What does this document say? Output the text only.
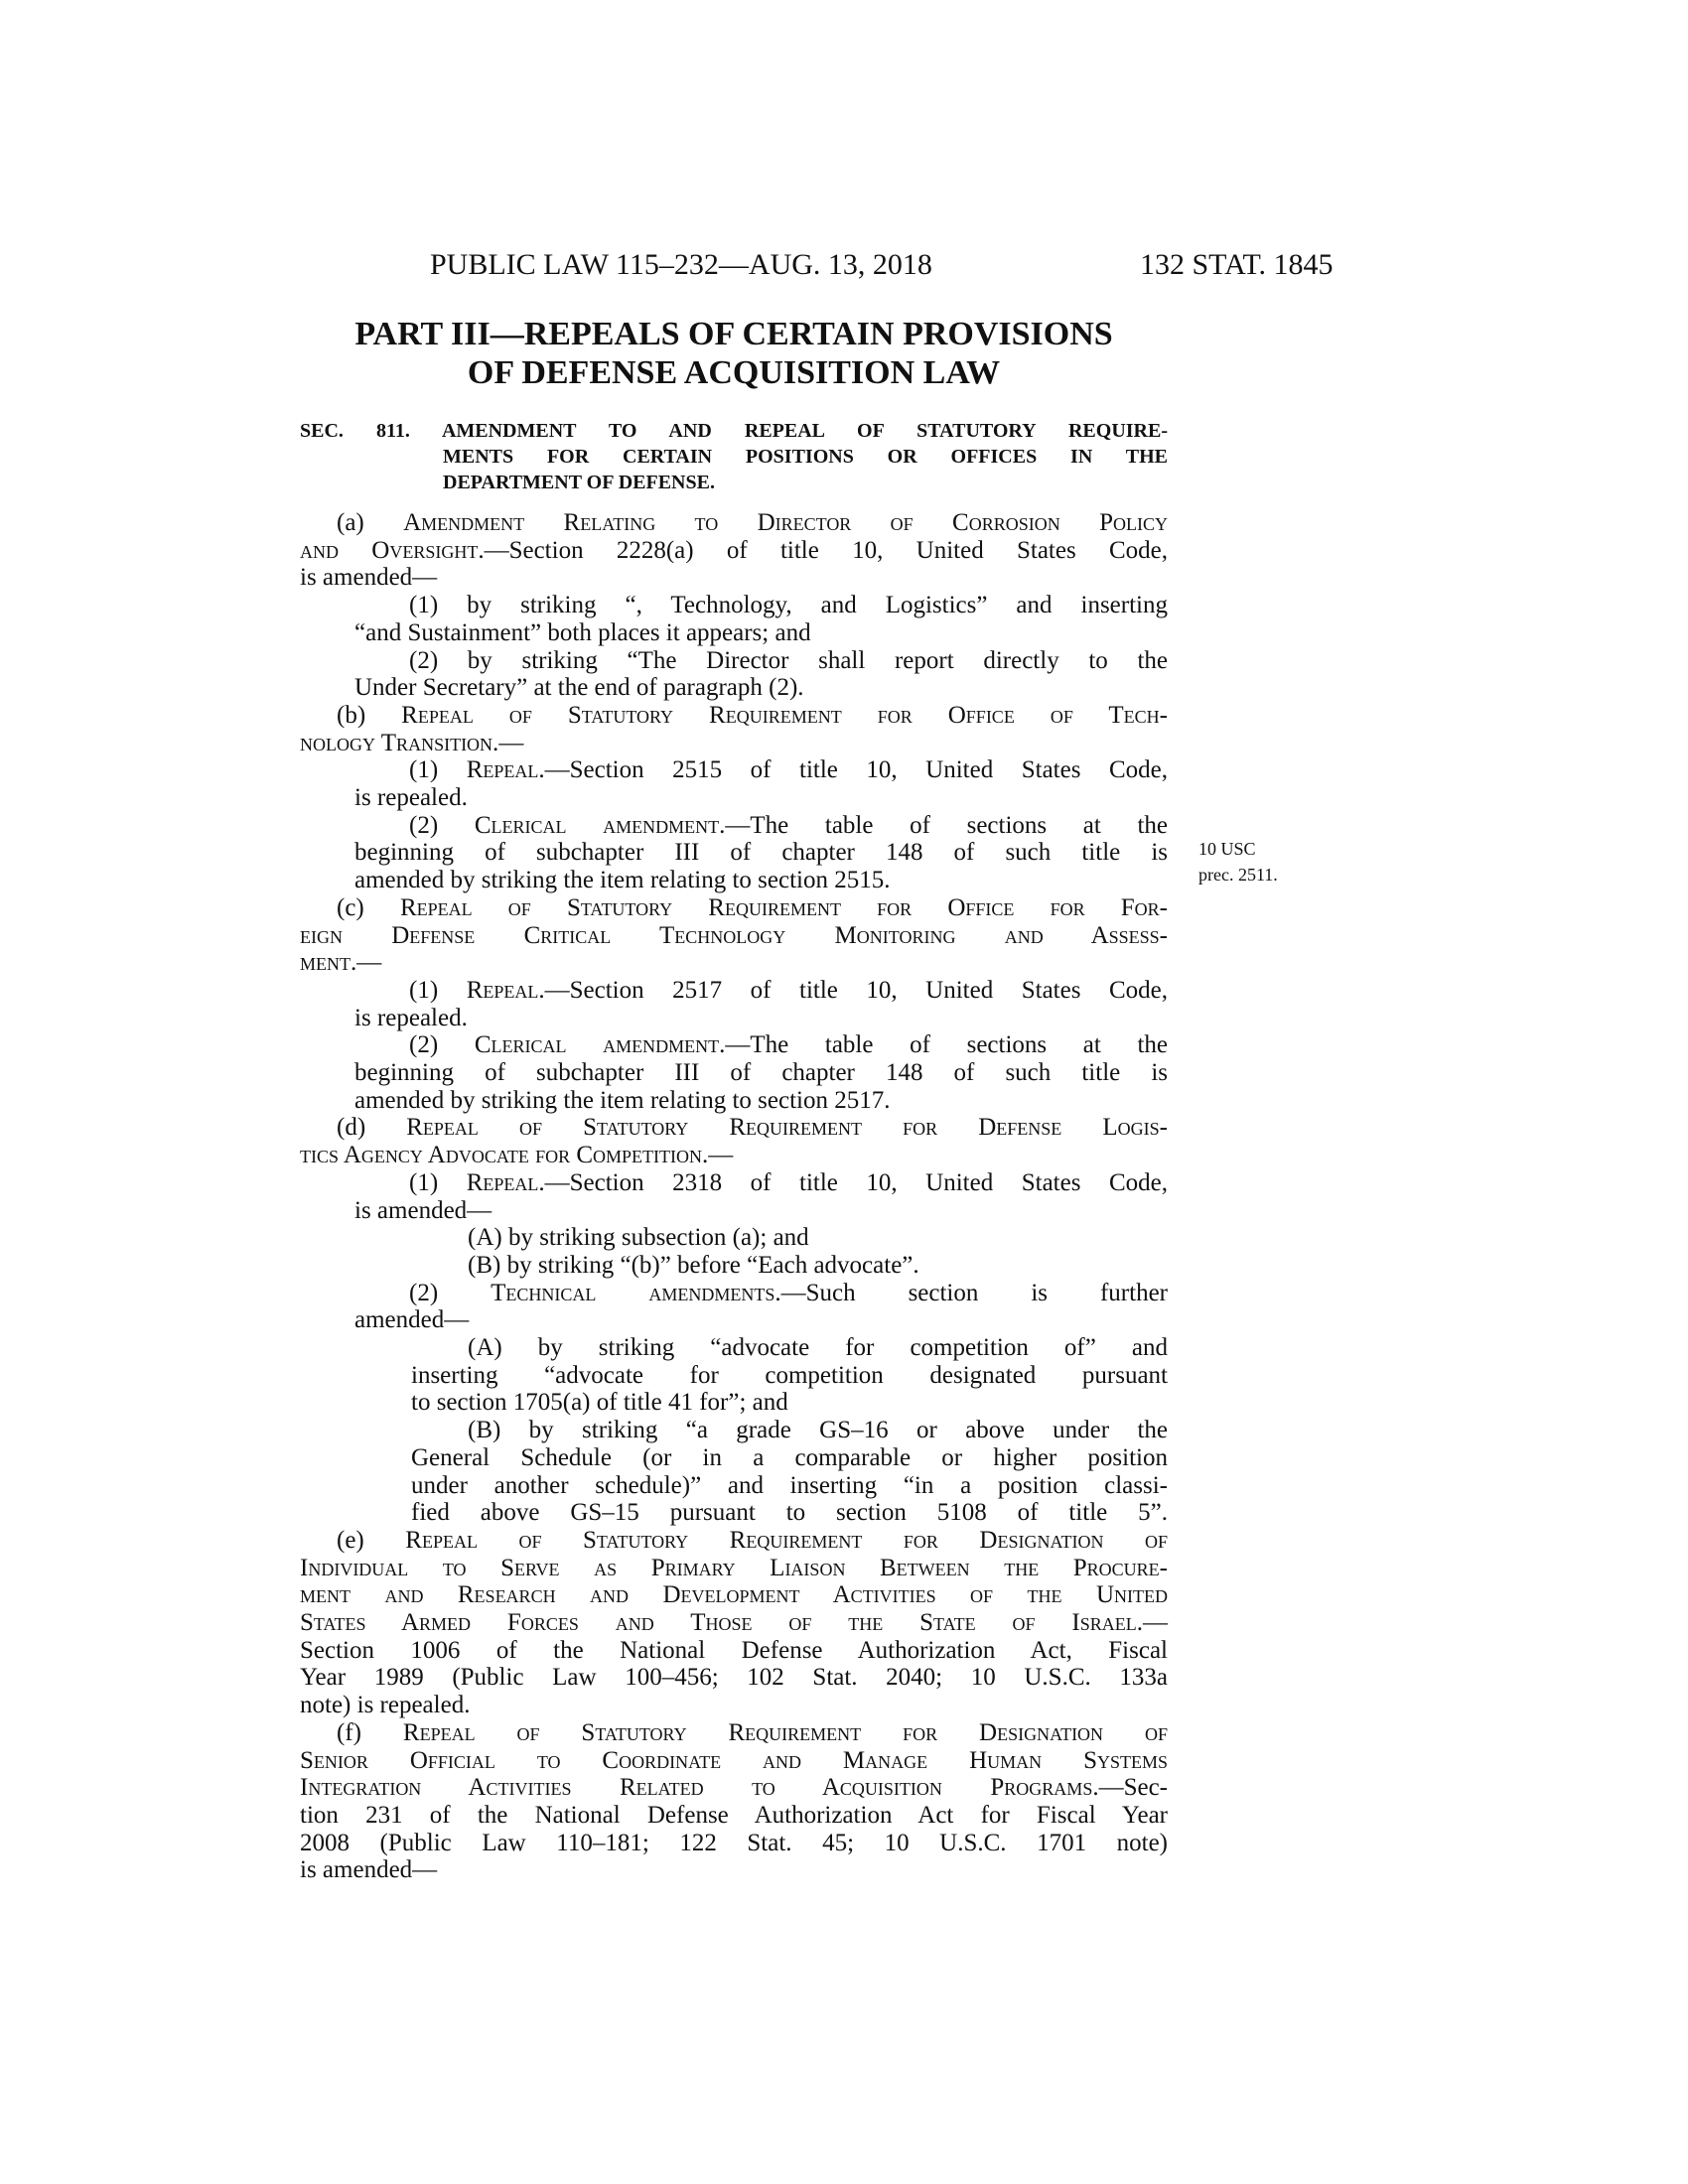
PUBLIC LAW 115–232—AUG. 13, 2018	132 STAT. 1845
PART III—REPEALS OF CERTAIN PROVISIONS
OF DEFENSE ACQUISITION LAW
SEC. 811. AMENDMENT TO AND REPEAL OF STATUTORY REQUIRE-
MENTS FOR CERTAIN POSITIONS OR OFFICES IN THE
DEPARTMENT OF DEFENSE.
(a) Amendment Relating to Director of Corrosion Policy
and Oversight.—Section 2228(a) of title 10, United States Code,
is amended—
(1) by striking “, Technology, and Logistics” and inserting
“and Sustainment” both places it appears; and
(2) by striking “The Director shall report directly to the
Under Secretary” at the end of paragraph (2).
(b) Repeal of Statutory Requirement for Office of Tech-
nology Transition.—
(1) Repeal.—Section 2515 of title 10, United States Code,
is repealed.
(2) Clerical amendment.—The table of sections at the
beginning of subchapter III of chapter 148 of such title is
amended by striking the item relating to section 2515.
(c) Repeal of Statutory Requirement for Office for For-
eign Defense Critical Technology Monitoring and Assess-
ment.—
(1) Repeal.—Section 2517 of title 10, United States Code,
is repealed.
(2) Clerical amendment.—The table of sections at the
beginning of subchapter III of chapter 148 of such title is
amended by striking the item relating to section 2517.
(d) Repeal of Statutory Requirement for Defense Logis-
tics Agency Advocate for Competition.—
(1) Repeal.—Section 2318 of title 10, United States Code,
is amended—
(A) by striking subsection (a); and
(B) by striking “(b)” before “Each advocate”.
(2) Technical amendments.—Such section is further
amended—
(A) by striking “advocate for competition of” and
inserting “advocate for competition designated pursuant
to section 1705(a) of title 41 for”; and
(B) by striking “a grade GS–16 or above under the
General Schedule (or in a comparable or higher position
under another schedule)” and inserting “in a position classi-
fied above GS–15 pursuant to section 5108 of title 5”.
(e) Repeal of Statutory Requirement for Designation of
Individual to Serve as Primary Liaison Between the Procure-
ment and Research and Development Activities of the United
States Armed Forces and Those of the State of Israel.—
Section 1006 of the National Defense Authorization Act, Fiscal
Year 1989 (Public Law 100–456; 102 Stat. 2040; 10 U.S.C. 133a
note) is repealed.
(f) Repeal of Statutory Requirement for Designation of
Senior Official to Coordinate and Manage Human Systems
Integration Activities Related to Acquisition Programs.—Sec-
tion 231 of the National Defense Authorization Act for Fiscal Year
2008 (Public Law 110–181; 122 Stat. 45; 10 U.S.C. 1701 note)
is amended—
10 USC
prec. 2511.
